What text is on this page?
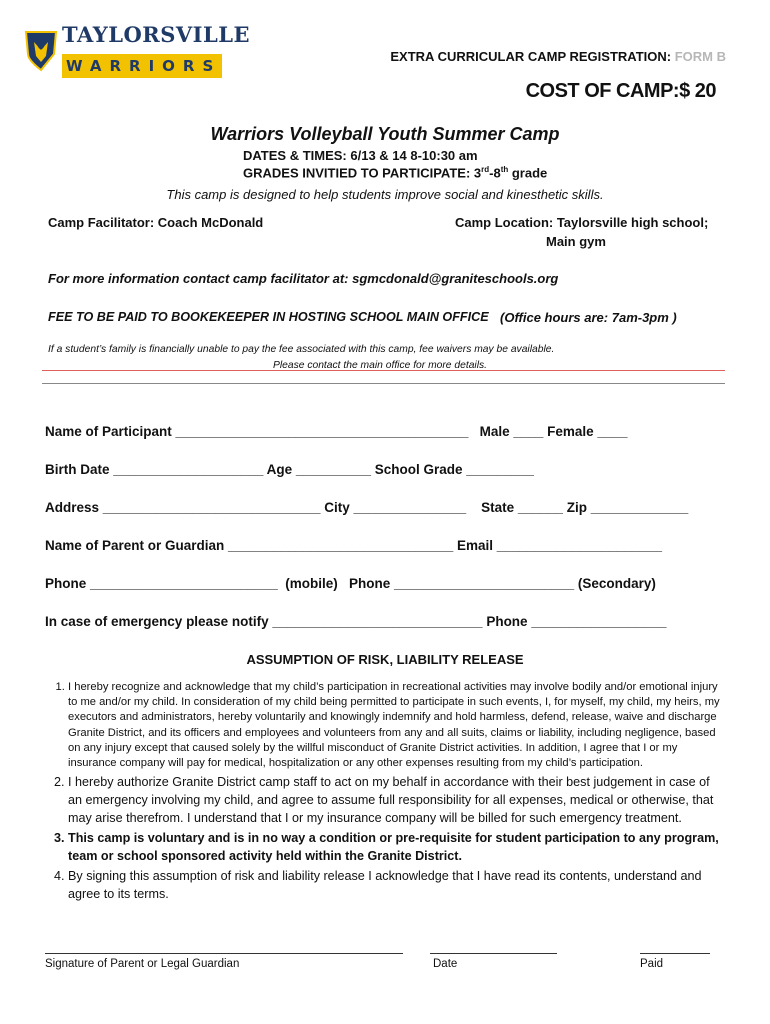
TAYLORSVILLE
WARRIORS
EXTRA CURRICULAR CAMP REGISTRATION: FORM B
COST OF CAMP:$ 20
Warriors Volleyball Youth Summer Camp
DATES & TIMES: 6/13 & 14 8-10:30 am
GRADES INVITIED TO PARTICIPATE: 3rd-8th grade
This camp is designed to help students improve social and kinesthetic skills.
Camp Facilitator: Coach McDonald	Camp Location: Taylorsville high school;
Main gym
For more information contact camp facilitator at: sgmcdonald@graniteschools.org
FEE TO BE PAID TO BOOKEKEEPER IN HOSTING SCHOOL MAIN OFFICE (Office hours are: 7am-3pm )
If a student’s family is financially unable to pay the fee associated with this camp, fee waivers may be available.
Please contact the main office for more details.
Name of Participant _______________________________________   Male ____ Female ____
Birth Date ____________________ Age __________ School Grade _________
Address _____________________________ City _______________    State ______ Zip _____________
Name of Parent or Guardian ______________________________ Email ______________________
Phone _________________________  (mobile)   Phone ________________________ (Secondary)
In case of emergency please notify ____________________________ Phone __________________
ASSUMPTION OF RISK, LIABILITY RELEASE
1. I hereby recognize and acknowledge that my child’s participation in recreational activities may involve bodily and/or emotional injury to me and/or my child. In consideration of my child being permitted to participate in such events, I, for myself, my child, my heirs, my executors and administrators, hereby voluntarily and knowingly indemnify and hold harmless, defend, release, waive and discharge Granite District, and its officers and employees and volunteers from any and all suits, claims or liability, including negligence, based on any injury except that caused solely by the willful misconduct of Granite District activities. In addition, I agree that I or my insurance company will pay for medical, hospitalization or any other expenses resulting from my child’s participation.
2. I hereby authorize Granite District camp staff to act on my behalf in accordance with their best judgement in case of an emergency involving my child, and agree to assume full responsibility for all expenses, medical or otherwise, that may arise therefrom. I understand that I or my insurance company will be billed for such emergency treatment.
3. This camp is voluntary and is in no way a condition or pre-requisite for student participation to any program, team or school sponsored activity held within the Granite District.
4. By signing this assumption of risk and liability release I acknowledge that I have read its contents, understand and agree to its terms.
Signature of Parent or Legal Guardian	Date	Paid
